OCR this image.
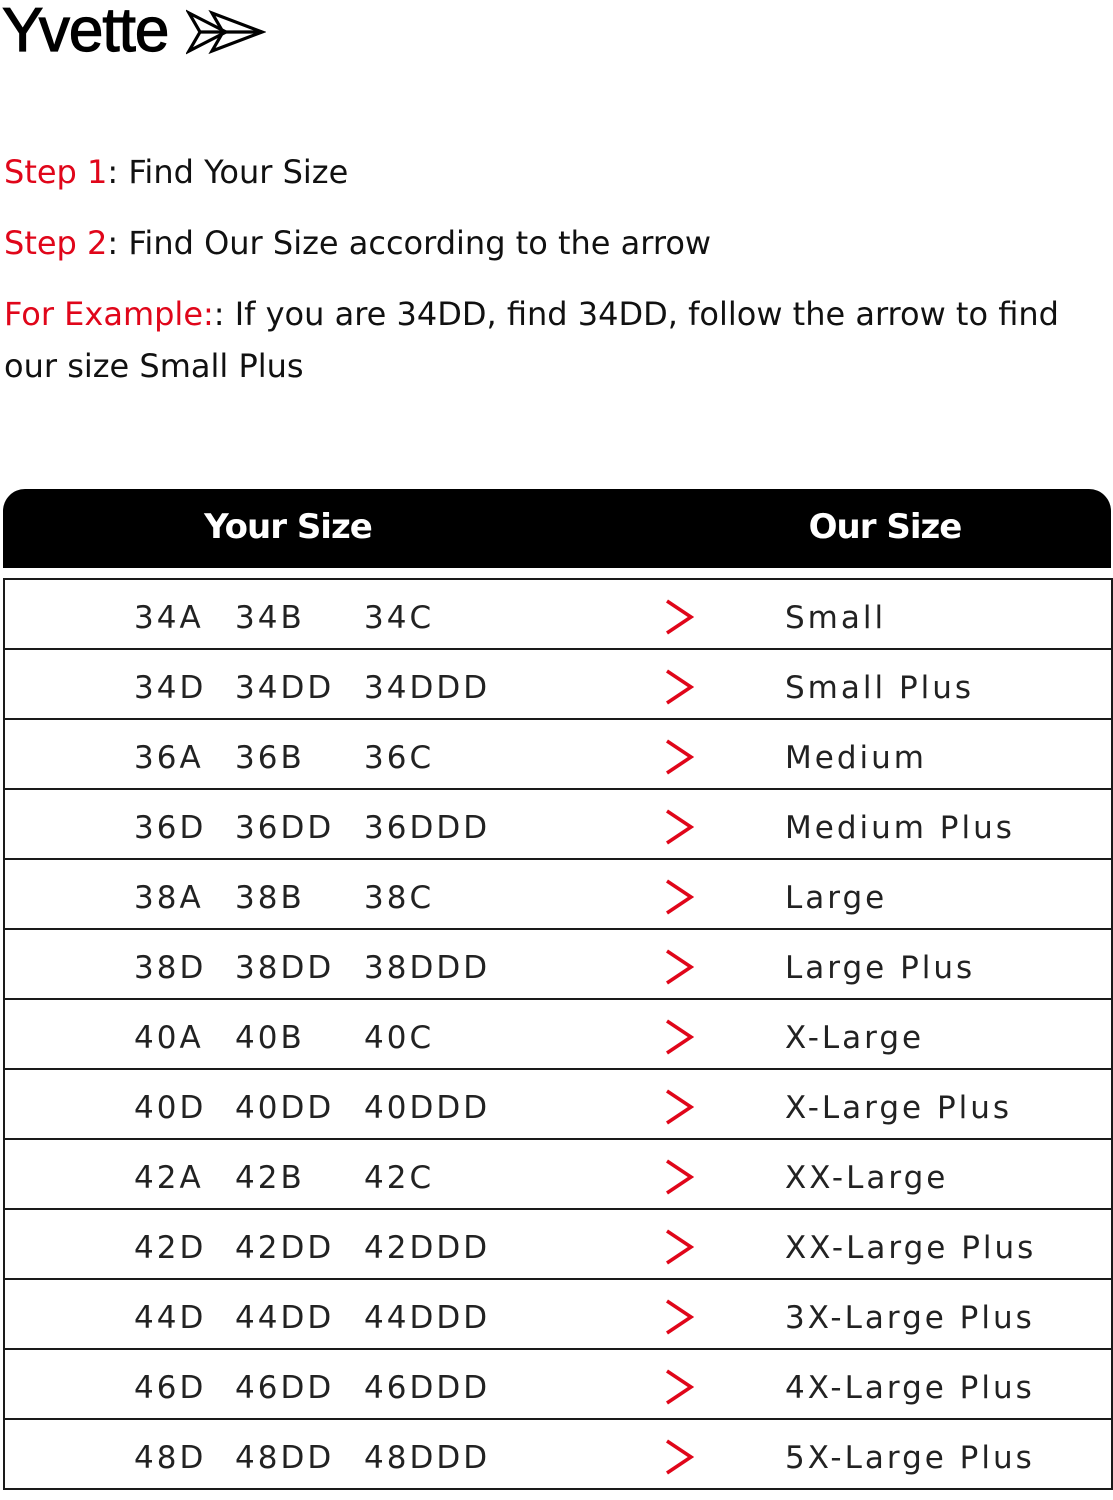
Yvette

Step 1: Find Your Size

Step 2: Find Our Size according to the arrow

For Example:: If you are 34DD, find 34DD, follow the arrow to find our size Small Plus

Your Size	Our Size
34A 34B 34C	Small
34D 34DD 34DDD	Small Plus
36A 36B 36C	Medium
36D 36DD 36DDD	Medium Plus
38A 38B 38C	Large
38D 38DD 38DDD	Large Plus
40A 40B 40C	X-Large
40D 40DD 40DDD	X-Large Plus
42A 42B 42C	XX-Large
42D 42DD 42DDD	XX-Large Plus
44D 44DD 44DDD	3X-Large Plus
46D 46DD 46DDD	4X-Large Plus
48D 48DD 48DDD	5X-Large Plus
